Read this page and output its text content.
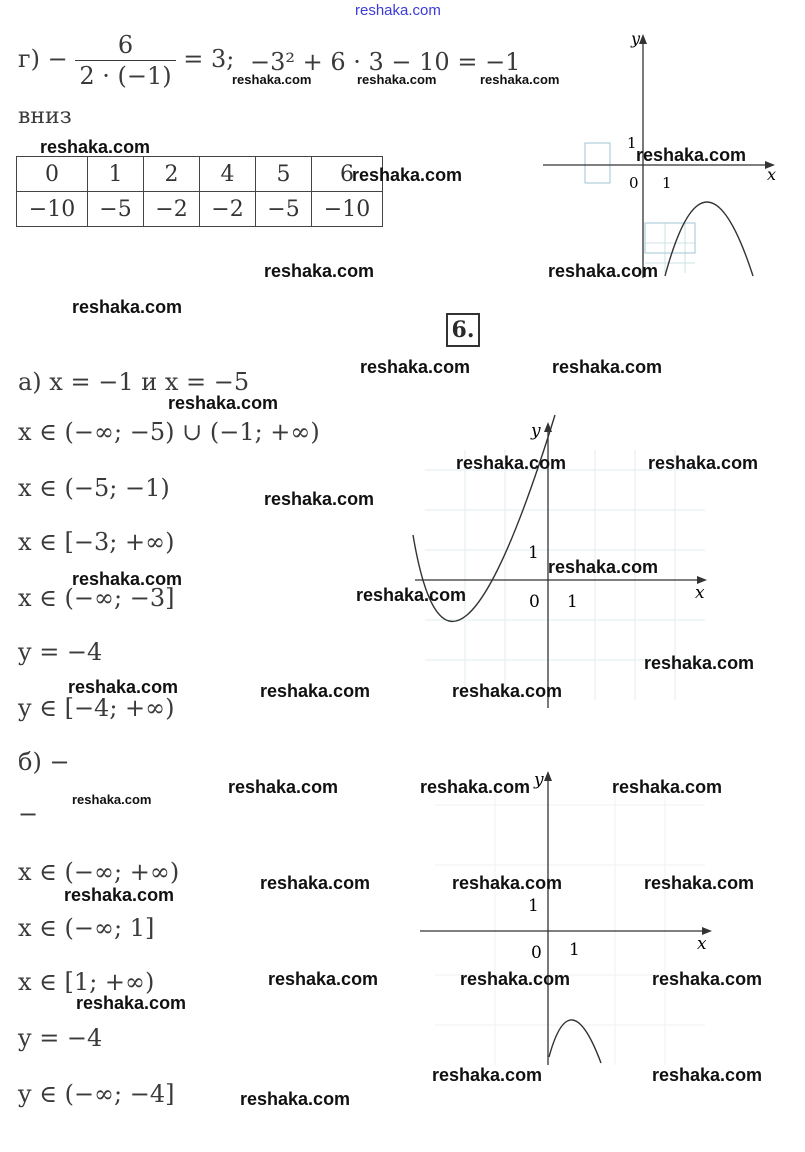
reshaka.com
$г) - \frac{6}{2 \cdot (-1)} = 3$; −3² + 6 · 3 − 10 = −1
вниз
0	1	2	4	5	6
−10	−5	−2	−2	−5	−10
y
x
0 1
1
6.
а) x = −1 и x = −5
x ∈ (−∞; −5) ∪ (−1; +∞)
x ∈ (−5; −1)
x ∈ [−3; +∞)
x ∈ (−∞; −3]
y = −4
y ∈ [−4; +∞)
y
x
0 1
1
б) −
−
x ∈ (−∞; +∞)
x ∈ (−∞; 1]
x ∈ [1; +∞)
y = −4
y ∈ (−∞; −4]
y
x
0 1
1
reshaka.com	reshaka.com	reshaka.com
reshaka.com	reshaka.com
reshaka.com
reshaka.com	reshaka.com
reshaka.com
reshaka.com	reshaka.com
reshaka.com
reshaka.com	reshaka.com
reshaka.com
reshaka.com
reshaka.com
reshaka.com
reshaka.com
reshaka.com	reshaka.com	reshaka.com
reshaka.com	reshaka.com	reshaka.com
reshaka.com
reshaka.com	reshaka.com	reshaka.com
reshaka.com
reshaka.com	reshaka.com	reshaka.com
reshaka.com
reshaka.com	reshaka.com
reshaka.com
